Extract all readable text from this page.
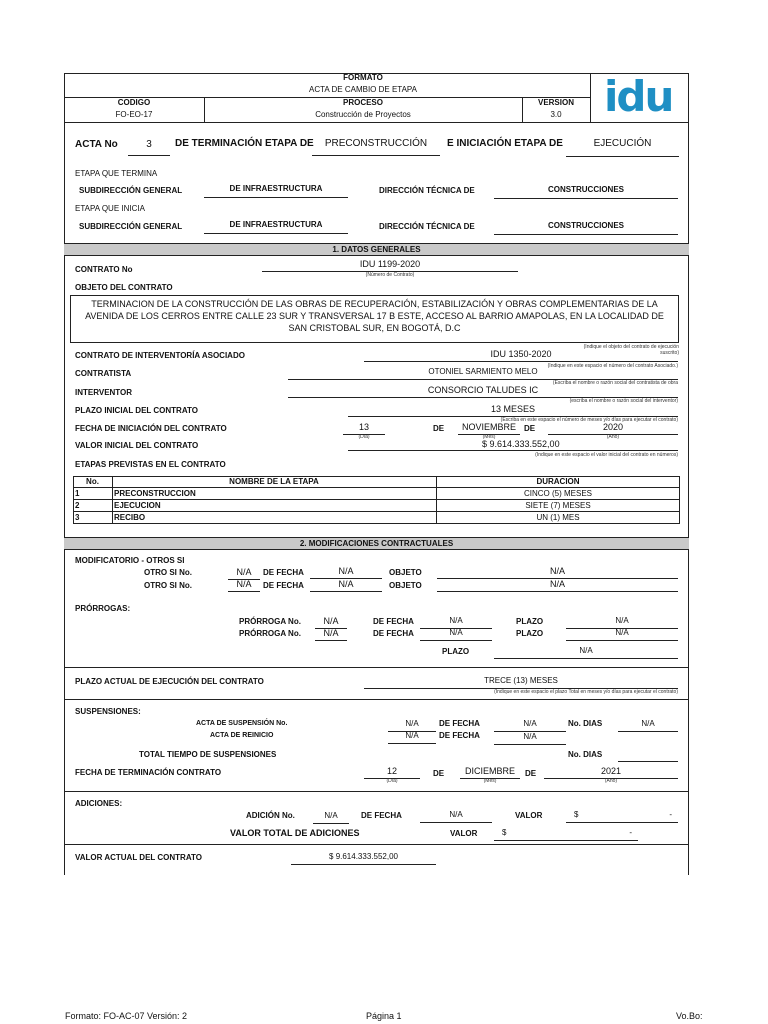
FORMATO
ACTA DE CAMBIO DE ETAPA
CODIGO
FO-EO-17
PROCESO
Construcción de Proyectos
VERSION
3.0	idu
ACTA No	3	DE TERMINACIÓN ETAPA DE	PRECONSTRUCCIÓN	E INICIACIÓN ETAPA DE	EJECUCIÓN
ETAPA QUE TERMINA
SUBDIRECCIÓN GENERAL	DE INFRAESTRUCTURA	DIRECCIÓN TÉCNICA DE	CONSTRUCCIONES
ETAPA QUE INICIA
SUBDIRECCIÓN GENERAL	DE INFRAESTRUCTURA	DIRECCIÓN TÉCNICA DE	CONSTRUCCIONES
1. DATOS GENERALES
CONTRATO No
IDU 1199-2020
(Número de Contrato)
OBJETO DEL CONTRATO
TERMINACION DE LA CONSTRUCCIÓN DE LAS OBRAS DE RECUPERACIÓN, ESTABILIZACIÓN Y OBRAS COMPLEMENTARIAS DE LA AVENIDA DE LOS CERROS ENTRE CALLE 23 SUR Y TRANSVERSAL 17 B ESTE, ACCESO AL BARRIO AMAPOLAS, EN LA LOCALIDAD DE SAN CRISTOBAL SUR, EN BOGOTÁ, D.C
(Indique el objeto del contrato de ejecución suscrito)
CONTRATO DE INTERVENTORÍA ASOCIADO	IDU 1350-2020
(Indique en este espacio el número del contrato Asociado.)
CONTRATISTA	OTONIEL SARMIENTO MELO
(Escriba el nombre o razón social del contratista de obra
INTERVENTOR	CONSORCIO TALUDES IC
(escriba el nombre o razón social del interventor)
PLAZO INICIAL DEL CONTRATO	13 MESES
(Escriba en este espacio el número de meses y/o días para ejecutar el contrato)
FECHA DE INICIACIÓN DEL CONTRATO	13
(Día)
DE	NOVIEMBRE
(Mes)
DE	2020
(Año)
VALOR INICIAL DEL CONTRATO	$ 9.614.333.552,00
(Indique en este espacio el valor inicial del contrato en números)
ETAPAS PREVISTAS EN EL CONTRATO
No.	NOMBRE DE LA ETAPA	DURACION
1	PRECONSTRUCCION	CINCO (5) MESES
2	EJECUCION	SIETE (7) MESES
3	RECIBO	UN (1) MES
2. MODIFICACIONES CONTRACTUALES
MODIFICATORIO - OTROS SI
OTRO SI No.	N/A	DE FECHA	N/A	OBJETO	N/A
OTRO SI No.	N/A	DE FECHA	N/A	OBJETO	N/A
PRÓRROGAS:
PRÓRROGA No.	N/A	DE FECHA	N/A	PLAZO	N/A
PRÓRROGA No.	N/A	DE FECHA	N/A	PLAZO	N/A
PLAZO	N/A
PLAZO ACTUAL DE EJECUCIÓN DEL CONTRATO	TRECE (13) MESES
(Indique en este espacio el plazo Total en meses y/o días para ejecutar el contrato)
SUSPENSIONES:
ACTA DE SUSPENSIÓN No.	N/A	DE FECHA	N/A	No. DIAS	N/A
ACTA DE REINICIO	N/A	DE FECHA	N/A
TOTAL TIEMPO DE SUSPENSIONES	No. DIAS
FECHA DE TERMINACIÓN CONTRATO	12
(Día)
DE	DICIEMBRE
(Mes)
DE	2021
(Año)
ADICIONES:
ADICIÓN No.	N/A	DE FECHA	N/A	VALOR	$	-
VALOR TOTAL DE ADICIONES	VALOR	$	-
VALOR ACTUAL DEL CONTRATO	$ 9.614.333.552,00
Formato: FO-AC-07 Versión: 2	Página 1	Vo.Bo:
